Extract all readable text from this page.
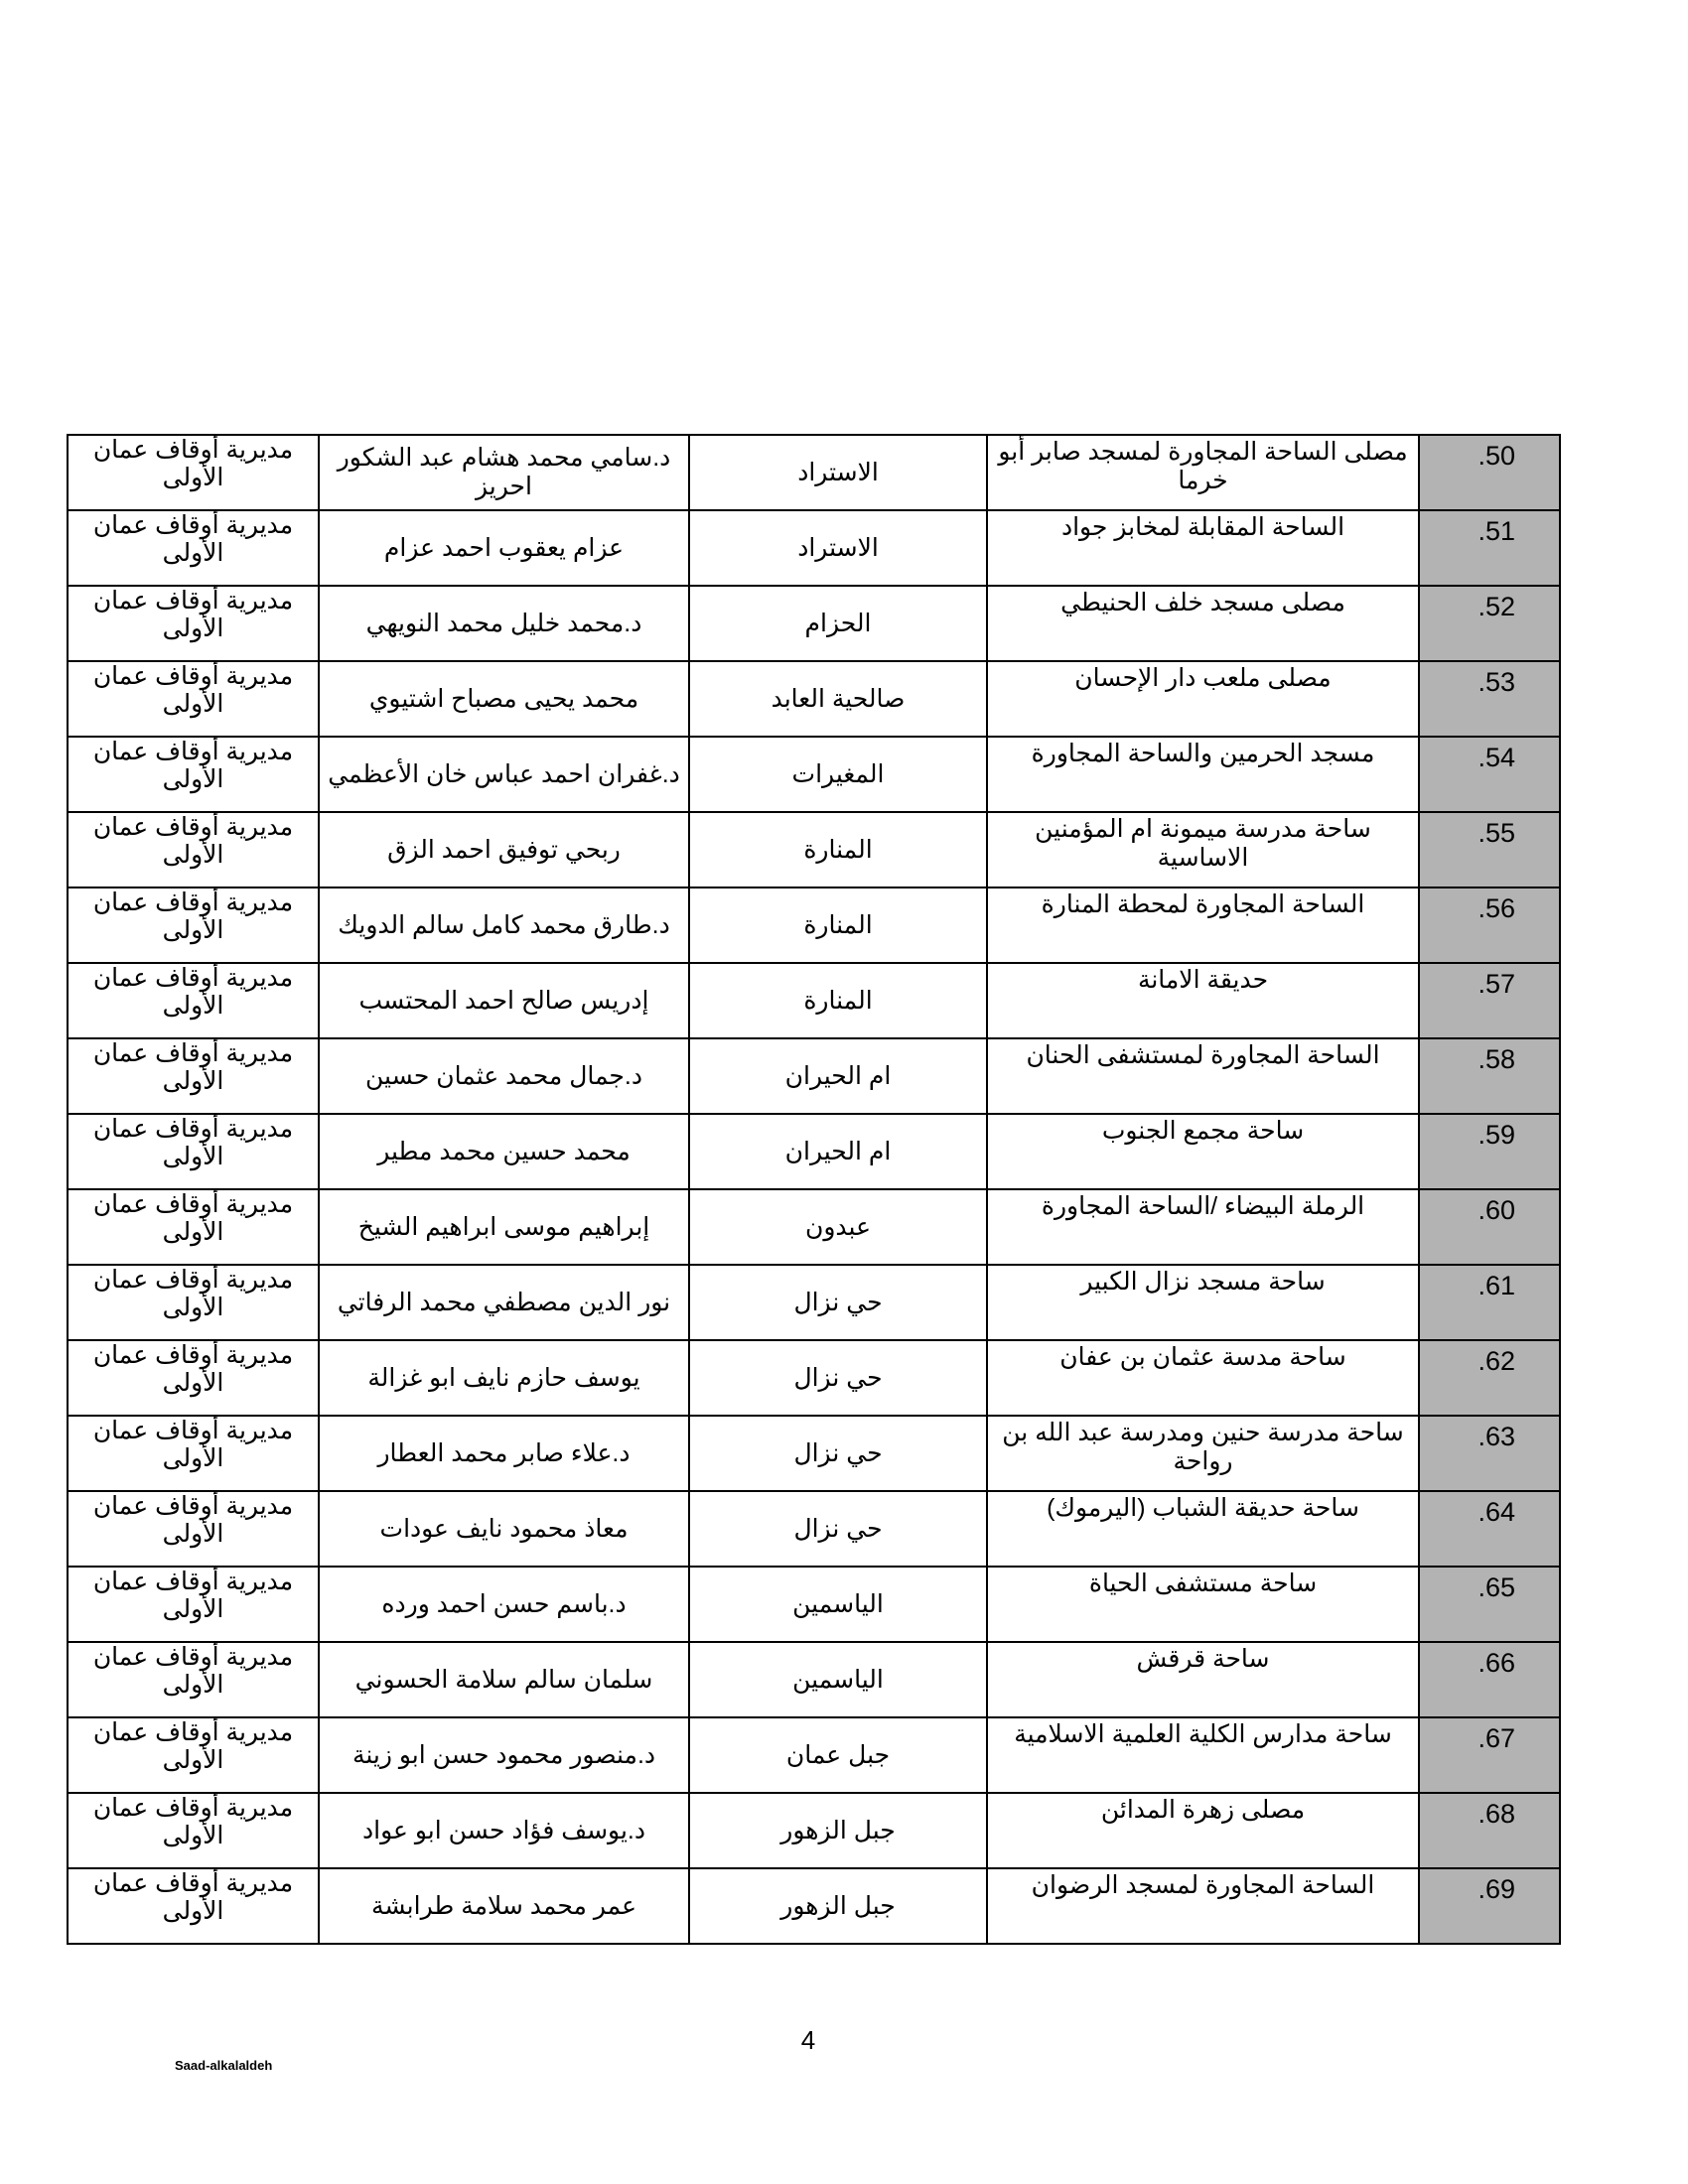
.50	مصلى الساحة المجاورة لمسجد صابر أبو خرما	الاستراد	د.سامي محمد هشام عبد الشكور احريز	مديرية أوقاف عمان الأولى
.51	الساحة المقابلة لمخابز جواد	الاستراد	عزام يعقوب احمد عزام	مديرية أوقاف عمان الأولى
.52	مصلى مسجد خلف الحنيطي	الحزام	د.محمد خليل محمد النويهي	مديرية أوقاف عمان الأولى
.53	مصلى ملعب دار الإحسان	صالحية العابد	محمد يحيى مصباح اشتيوي	مديرية أوقاف عمان الأولى
.54	مسجد الحرمين والساحة المجاورة	المغيرات	د.غفران احمد عباس خان الأعظمي	مديرية أوقاف عمان الأولى
.55	ساحة مدرسة ميمونة ام المؤمنين الاساسية	المنارة	ربحي توفيق احمد الزق	مديرية أوقاف عمان الأولى
.56	الساحة المجاورة لمحطة المنارة	المنارة	د.طارق محمد كامل سالم الدويك	مديرية أوقاف عمان الأولى
.57	حديقة الامانة	المنارة	إدريس صالح احمد المحتسب	مديرية أوقاف عمان الأولى
.58	الساحة المجاورة لمستشفى الحنان	ام الحيران	د.جمال محمد عثمان حسين	مديرية أوقاف عمان الأولى
.59	ساحة مجمع الجنوب	ام الحيران	محمد حسين محمد مطير	مديرية أوقاف عمان الأولى
.60	الرملة البيضاء /الساحة المجاورة	عبدون	إبراهيم موسى ابراهيم الشيخ	مديرية أوقاف عمان الأولى
.61	ساحة مسجد نزال الكبير	حي نزال	نور الدين مصطفي محمد الرفاتي	مديرية أوقاف عمان الأولى
.62	ساحة مدسة عثمان بن عفان	حي نزال	يوسف حازم نايف ابو غزالة	مديرية أوقاف عمان الأولى
.63	ساحة مدرسة حنين ومدرسة عبد الله بن رواحة	حي نزال	د.علاء صابر محمد العطار	مديرية أوقاف عمان الأولى
.64	ساحة حديقة الشباب (اليرموك)	حي نزال	معاذ محمود نايف عودات	مديرية أوقاف عمان الأولى
.65	ساحة مستشفى الحياة	الياسمين	د.باسم حسن احمد ورده	مديرية أوقاف عمان الأولى
.66	ساحة قرقش	الياسمين	سلمان سالم سلامة الحسوني	مديرية أوقاف عمان الأولى
.67	ساحة مدارس الكلية العلمية الاسلامية	جبل عمان	د.منصور محمود حسن ابو زينة	مديرية أوقاف عمان الأولى
.68	مصلى زهرة المدائن	جبل الزهور	د.يوسف فؤاد حسن ابو عواد	مديرية أوقاف عمان الأولى
.69	الساحة المجاورة لمسجد الرضوان	جبل الزهور	عمر محمد سلامة طرابشة	مديرية أوقاف عمان الأولى
4
Saad-alkalaldeh
